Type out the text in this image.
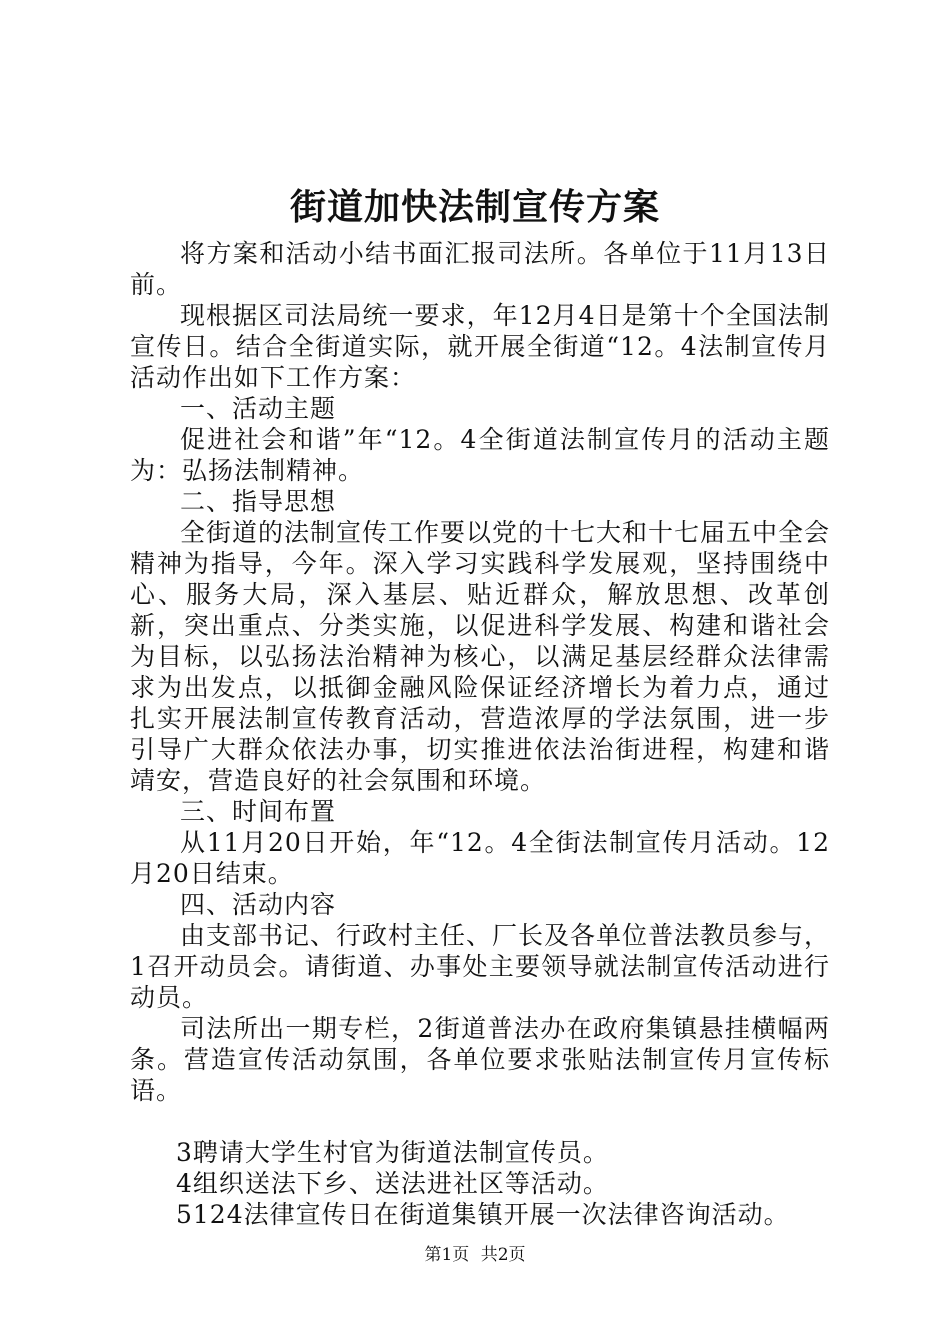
街道加快法制宣传方案

将方案和活动小结书面汇报司法所。各单位于11月13日前。

现根据区司法局统一要求，年12月4日是第十个全国法制宣传日。结合全街道实际，就开展全街道“12。4法制宣传月活动作出如下工作方案：

一、活动主题

促进社会和谐”年“12。4全街道法制宣传月的活动主题为：弘扬法制精神。

二、指导思想

全街道的法制宣传工作要以党的十七大和十七届五中全会精神为指导，今年。深入学习实践科学发展观，坚持围绕中心、服务大局，深入基层、贴近群众，解放思想、改革创新，突出重点、分类实施，以促进科学发展、构建和谐社会为目标，以弘扬法治精神为核心，以满足基层经群众法律需求为出发点，以抵御金融风险保证经济增长为着力点，通过扎实开展法制宣传教育活动，营造浓厚的学法氛围，进一步引导广大群众依法办事，切实推进依法治街进程，构建和谐靖安，营造良好的社会氛围和环境。

三、时间布置

从11月20日开始，年“12。4全街法制宣传月活动。12月20日结束。

四、活动内容

由支部书记、行政村主任、厂长及各单位普法教员参与，1召开动员会。请街道、办事处主要领导就法制宣传活动进行动员。

司法所出一期专栏，2街道普法办在政府集镇悬挂横幅两条。营造宣传活动氛围，各单位要求张贴法制宣传月宣传标语。

3聘请大学生村官为街道法制宣传员。

4组织送法下乡、送法进社区等活动。

5124法律宣传日在街道集镇开展一次法律咨询活动。

第1页 共2页
